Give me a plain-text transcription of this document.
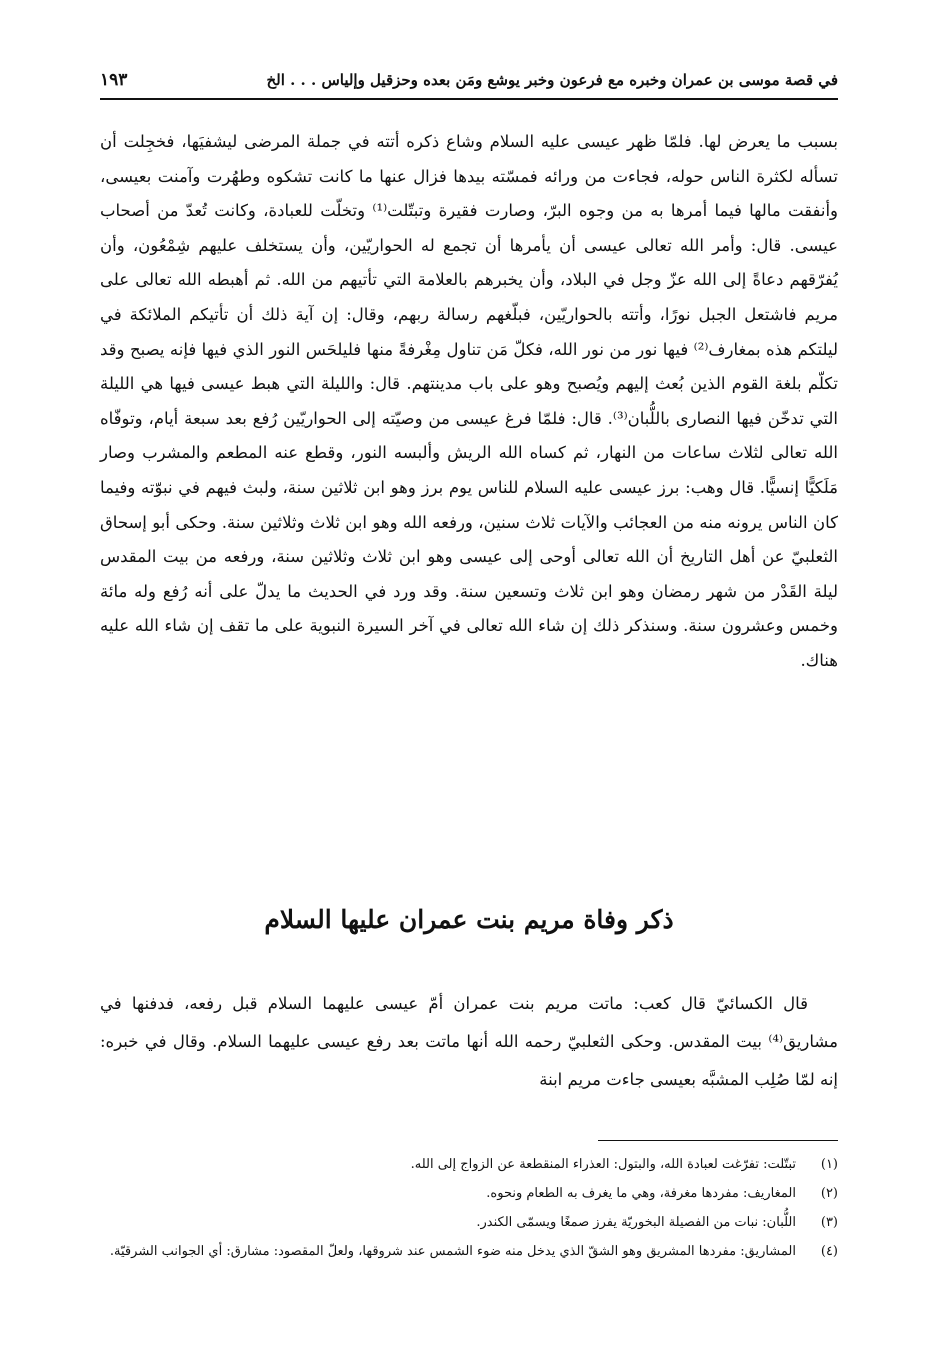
في قصة موسى بن عمران وخبره مع فرعون وخبر يوشع ومَن بعده وحزقيل وإلياس . . . الخ
١٩٣

بسبب ما يعرض لها. فلمّا ظهر عيسى عليه السلام وشاع ذكره أتته في جملة المرضى ليشفيَها، فخجِلت أن تسأله لكثرة الناس حوله، فجاءت من ورائه فمسّته بيدها فزال عنها ما كانت تشكوه وطهُرت وآمنت بعيسى، وأنفقت مالها فيما أمرها به من وجوه البرّ، وصارت فقيرة وتبتّلت⁽¹⁾ وتخلّت للعبادة، وكانت تُعدّ من أصحاب عيسى. قال: وأمر الله تعالى عيسى أن يأمرها أن تجمع له الحواريّين، وأن يستخلف عليهم شِمْعُون، وأن يُفرّقهم دعاةً إلى الله عزّ وجل في البلاد، وأن يخبرهم بالعلامة التي تأتيهم من الله. ثم أهبطه الله تعالى على مريم فاشتعل الجبل نورًا، وأتته بالحواريّين، فبلّغهم رسالة ربهم، وقال: إن آية ذلك أن تأتيكم الملائكة في ليلتكم هذه بمغارف⁽²⁾ فيها نور من نور الله، فكلّ مَن تناول مِغْرفةً منها فليلحَس النور الذي فيها فإنه يصبح وقد تكلّم بلغة القوم الذين بُعث إليهم ويُصبح وهو على باب مدينتهم. قال: والليلة التي هبط عيسى فيها هي الليلة التي تدخّن فيها النصارى باللُّبان⁽³⁾. قال: فلمّا فرغ عيسى من وصيّته إلى الحواريّين رُفع بعد سبعة أيام، وتوفّاه الله تعالى لثلاث ساعات من النهار، ثم كساه الله الريش وألبسه النور، وقطع عنه المطعم والمشرب وصار مَلَكيًّا إنسيًّا. قال وهب: برز عيسى عليه السلام للناس يوم برز وهو ابن ثلاثين سنة، ولبث فيهم في نبوّته وفيما كان الناس يرونه منه من العجائب والآيات ثلاث سنين، ورفعه الله وهو ابن ثلاث وثلاثين سنة. وحكى أبو إسحاق الثعلبيّ عن أهل التاريخ أن الله تعالى أوحى إلى عيسى وهو ابن ثلاث وثلاثين سنة، ورفعه من بيت المقدس ليلة القَدْر من شهر رمضان وهو ابن ثلاث وتسعين سنة. وقد ورد في الحديث ما يدلّ على أنه رُفع وله مائة وخمس وعشرون سنة. وسنذكر ذلك إن شاء الله تعالى في آخر السيرة النبوية على ما تقف إن شاء الله عليه هناك.

ذكر وفاة مريم بنت عمران عليها السلام

قال الكسائيّ قال كعب: ماتت مريم بنت عمران أمّ عيسى عليهما السلام قبل رفعه، فدفنها في مشاريق⁽⁴⁾ بيت المقدس. وحكى الثعلبيّ رحمه الله أنها ماتت بعد رفع عيسى عليهما السلام. وقال في خبره: إنه لمّا صُلِب المشبَّه بعيسى جاءت مريم ابنة

(١)
تبتّلت: تفرّغت لعبادة الله، والبتول: العذراء المنقطعة عن الزواج إلى الله.
(٢)
المغاريف: مفردها مغرفة، وهي ما يغرف به الطعام ونحوه.
(٣)
اللُّبان: نبات من الفصيلة البخوريّة يفرز صمغًا ويسمّى الكندر.
(٤)
المشاريق: مفردها المشريق وهو الشقّ الذي يدخل منه ضوء الشمس عند شروقها، ولعلّ المقصود: مشارق: أي الجوانب الشرقيّة.
